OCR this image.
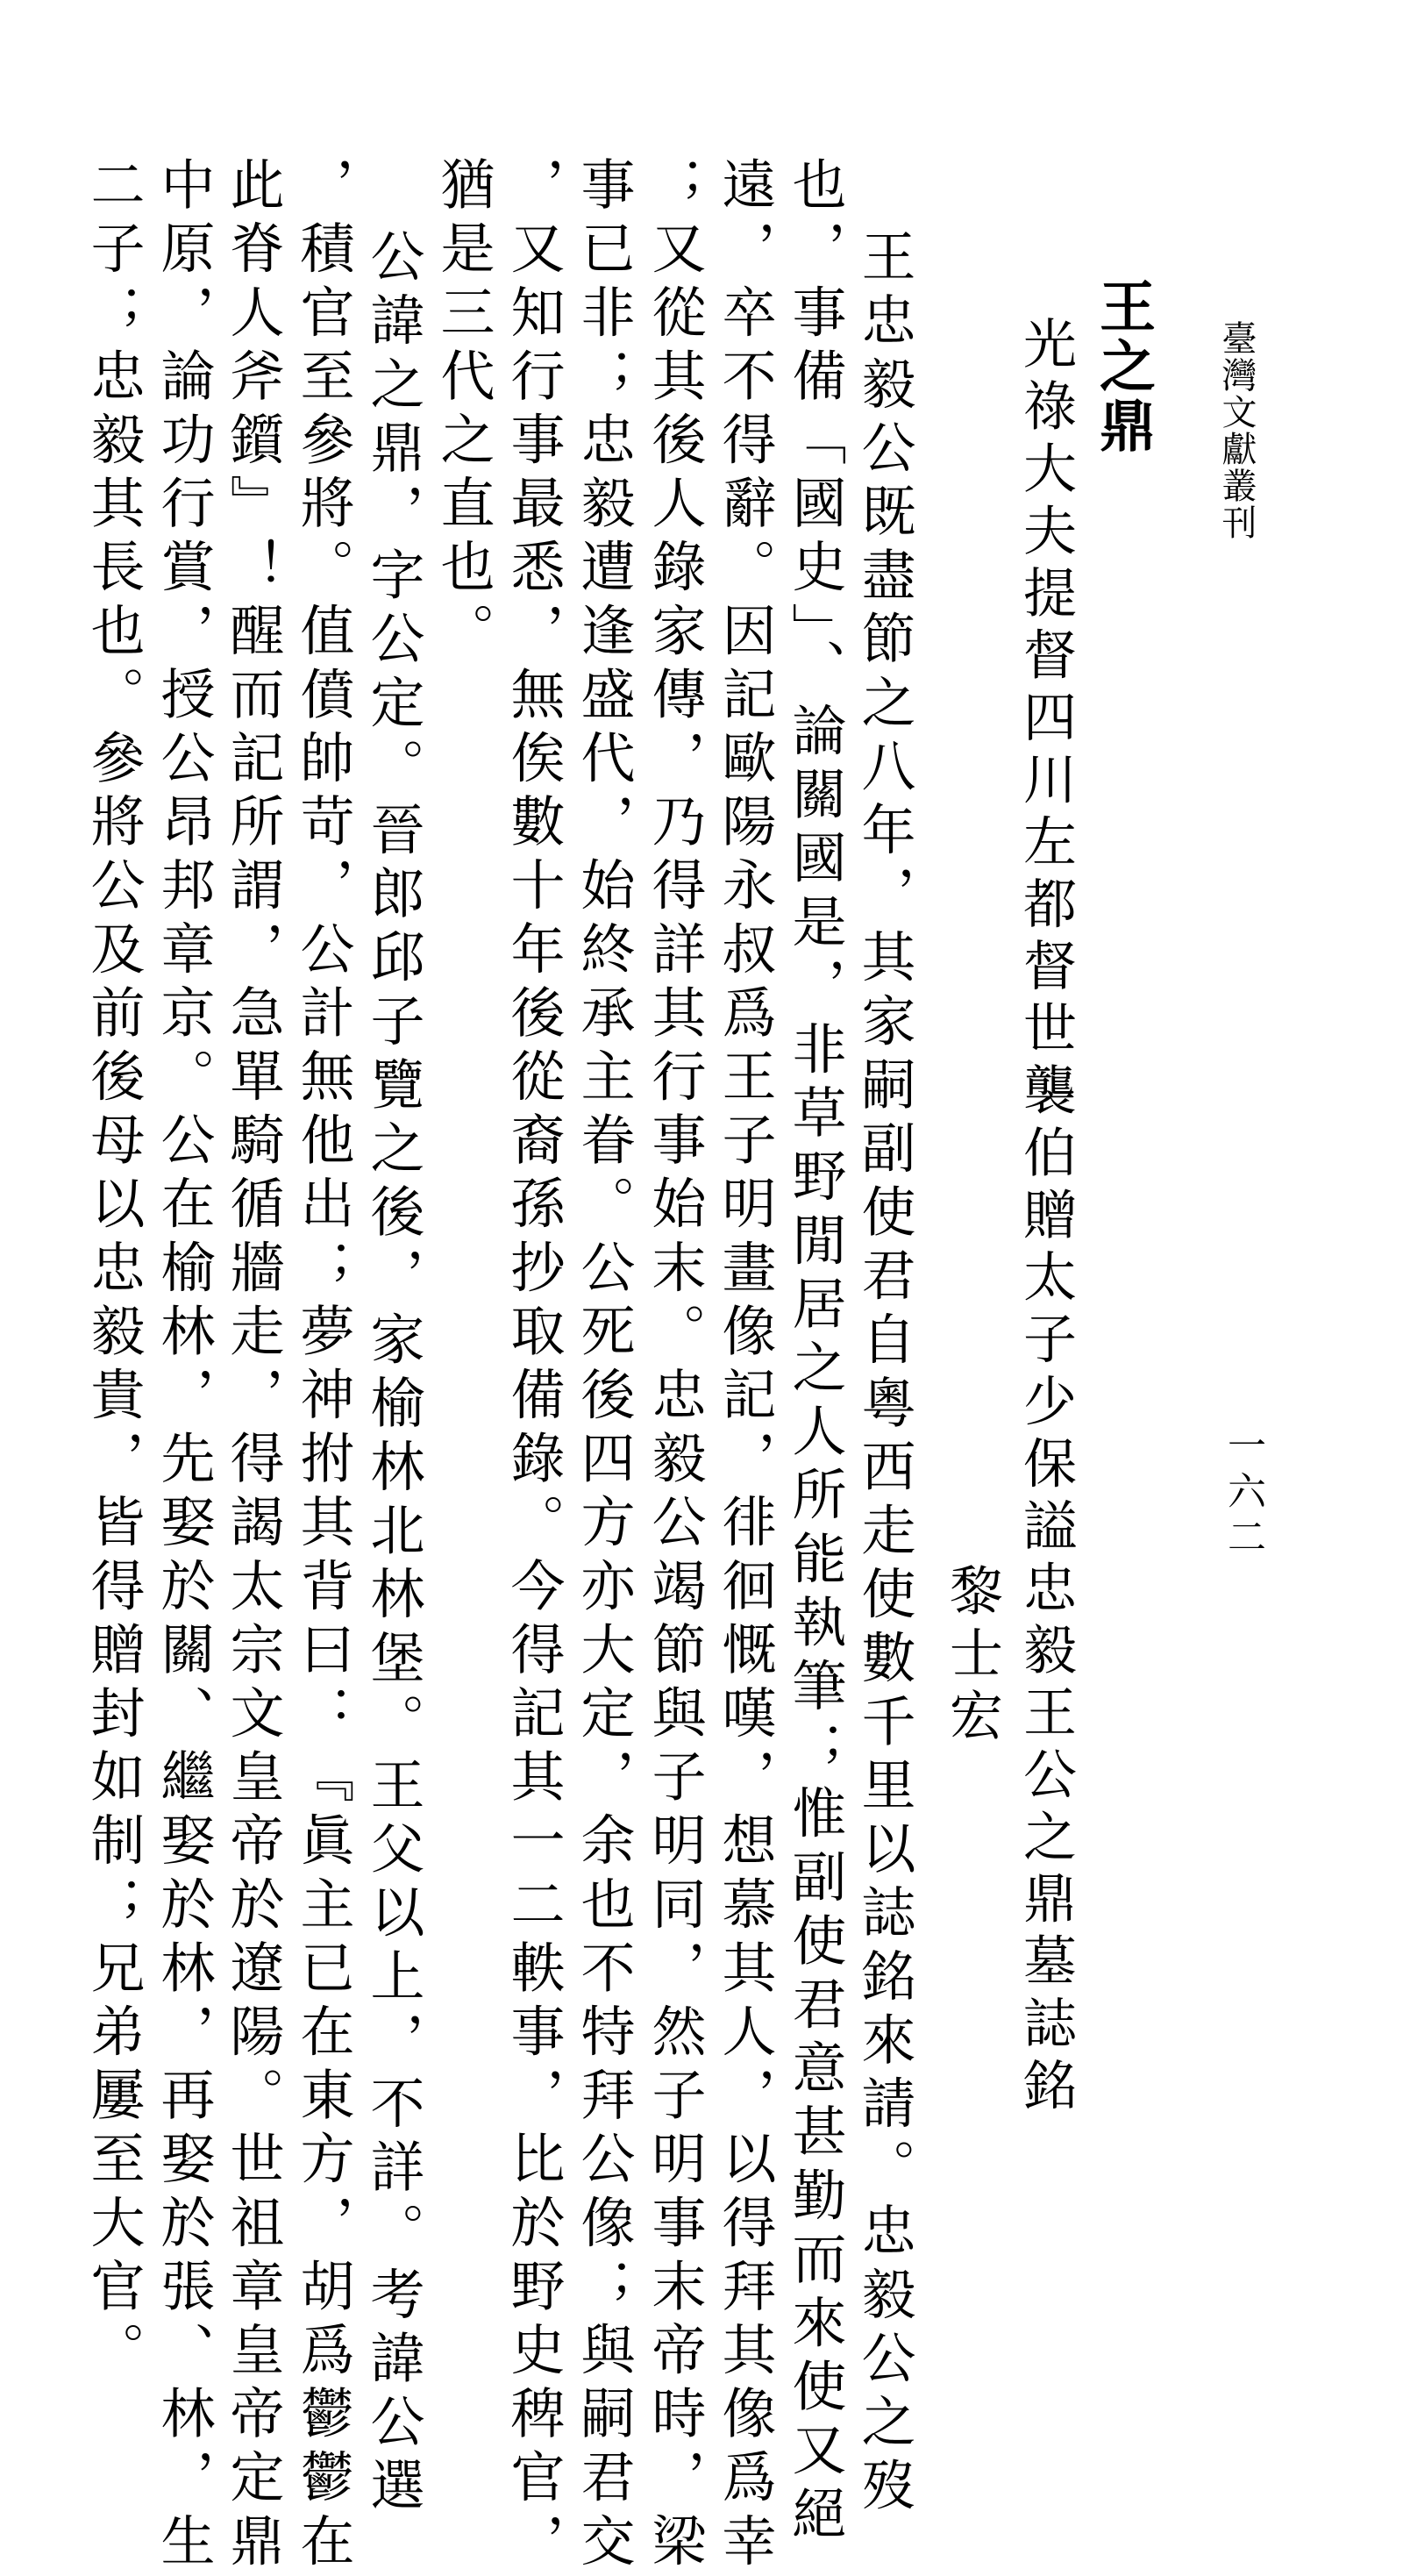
臺灣文獻叢刊
一六二
王之鼎
光祿大夫提督四川左都督世襲伯贈太子少保謚忠毅王公之鼎墓誌銘
黎士宏
王忠毅公既盡節之八年，其家嗣副使君自粵西走使數千里以誌銘來請。忠毅公之歿
也，事備「國史」、論關國是，非草野閒居之人所能執筆；惟副使君意甚勤而來使又絕
遠，卒不得辭。因記歐陽永叔爲王子明畫像記，徘徊慨嘆，想慕其人，以得拜其像爲幸
；又從其後人錄家傳，乃得詳其行事始末。忠毅公竭節與子明同，然子明事末帝時，梁
事已非；忠毅遭逢盛代，始終承主眷。公死後四方亦大定，余也不特拜公像；與嗣君交
，又知行事最悉，無俟數十年後從裔孫抄取備錄。今得記其一二軼事，比於野史稗官，
猶是三代之直也。
公諱之鼎，字公定。晉郎邱子覽之後，家榆林北林堡。王父以上，不詳。考諱公選
，積官至參將。值僨帥苛，公計無他出；夢神拊其背曰：『眞主已在東方，胡爲鬱鬱在
此脊人斧鑕』！醒而記所謂，急單騎循牆走，得謁太宗文皇帝於遼陽。世祖章皇帝定鼎
中原，論功行賞，授公昂邦章京。公在榆林，先娶於關、繼娶於林，再娶於張、林，生
二子；忠毅其長也。參將公及前後母以忠毅貴，皆得贈封如制；兄弟屢至大官。
